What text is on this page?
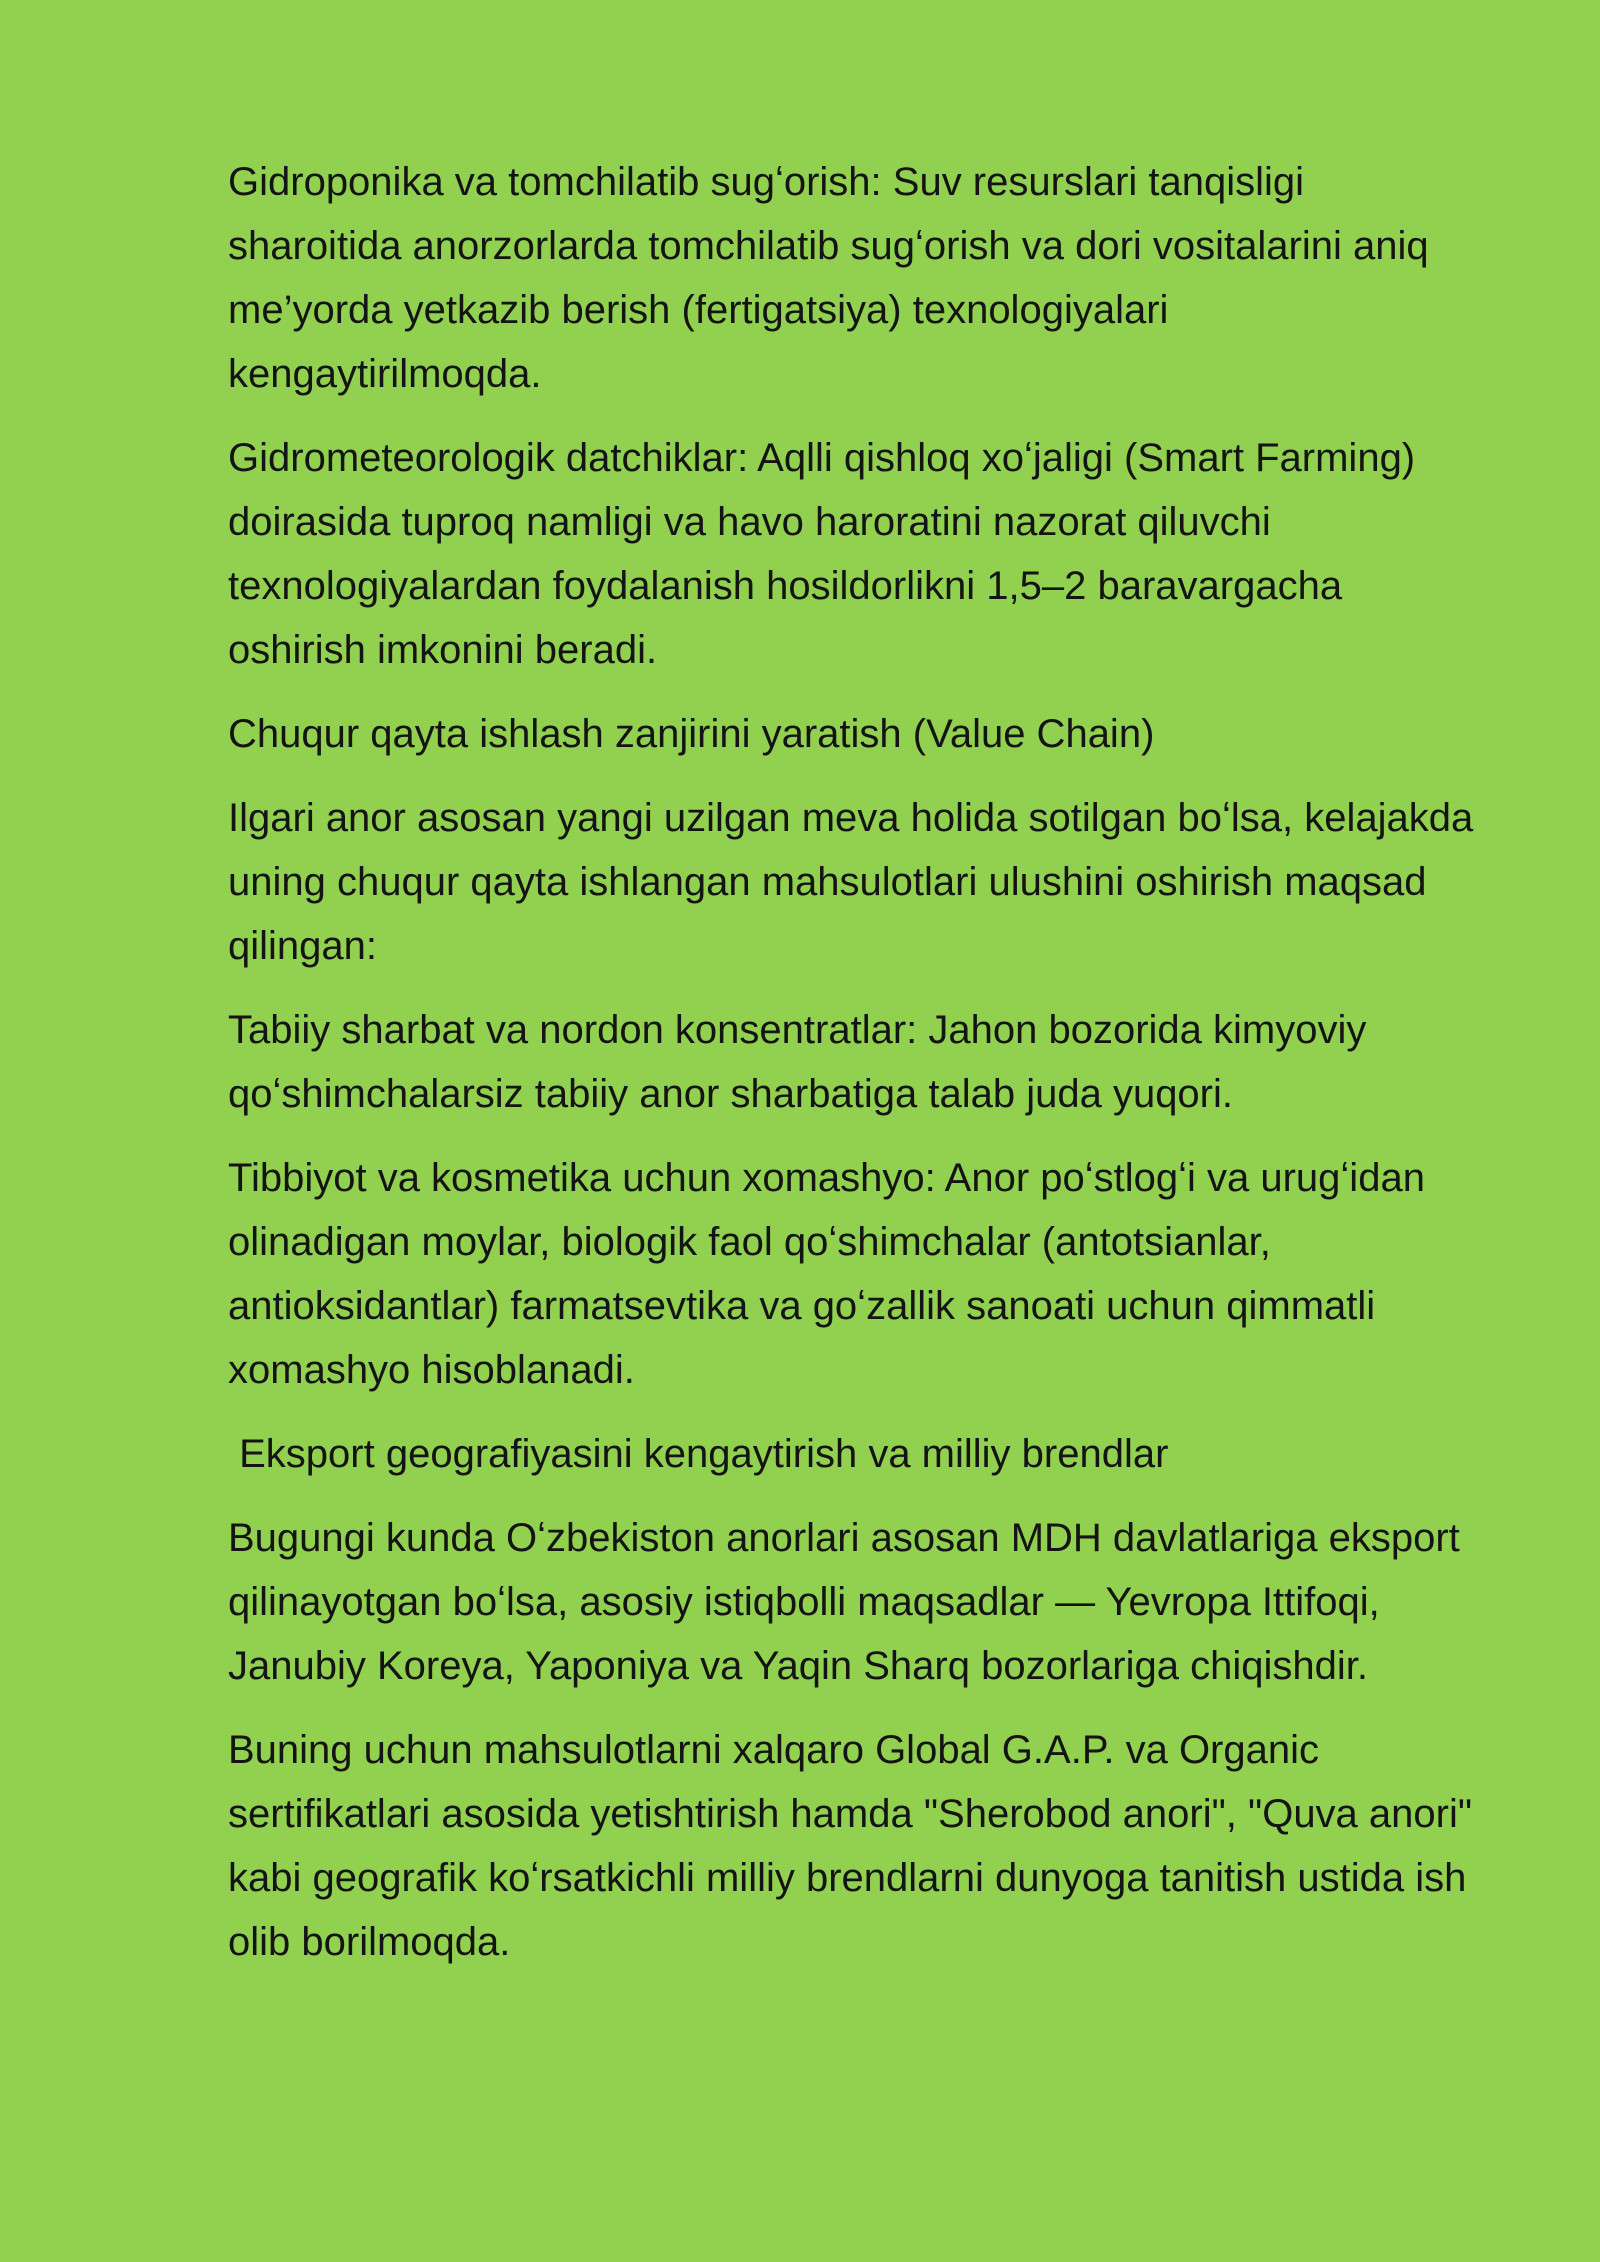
Gidroponika va tomchilatib sugʻorish: Suv resurslari tanqisligi sharoitida anorzorlarda tomchilatib sugʻorish va dori vositalarini aniq me’yorda yetkazib berish (fertigatsiya) texnologiyalari kengaytirilmoqda.

Gidrometeorologik datchiklar: Aqlli qishloq xoʻjaligi (Smart Farming) doirasida tuproq namligi va havo haroratini nazorat qiluvchi texnologiyalardan foydalanish hosildorlikni 1,5–2 baravargacha oshirish imkonini beradi.

Chuqur qayta ishlash zanjirini yaratish (Value Chain)

Ilgari anor asosan yangi uzilgan meva holida sotilgan boʻlsa, kelajakda uning chuqur qayta ishlangan mahsulotlari ulushini oshirish maqsad qilingan:

Tabiiy sharbat va nordon konsentratlar: Jahon bozorida kimyoviy qoʻshimchalarsiz tabiiy anor sharbatiga talab juda yuqori.

Tibbiyot va kosmetika uchun xomashyo: Anor poʻstlogʻi va urugʻidan olinadigan moylar, biologik faol qoʻshimchalar (antotsianlar, antioksidantlar) farmatsevtika va goʻzallik sanoati uchun qimmatli xomashyo hisoblanadi.

Eksport geografiyasini kengaytirish va milliy brendlar

Bugungi kunda Oʻzbekiston anorlari asosan MDH davlatlariga eksport qilinayotgan boʻlsa, asosiy istiqbolli maqsadlar — Yevropa Ittifoqi, Janubiy Koreya, Yaponiya va Yaqin Sharq bozorlariga chiqishdir.

Buning uchun mahsulotlarni xalqaro Global G.A.P. va Organic sertifikatlari asosida yetishtirish hamda "Sherobod anori", "Quva anori" kabi geografik koʻrsatkichli milliy brendlarni dunyoga tanitish ustida ish olib borilmoqda.
